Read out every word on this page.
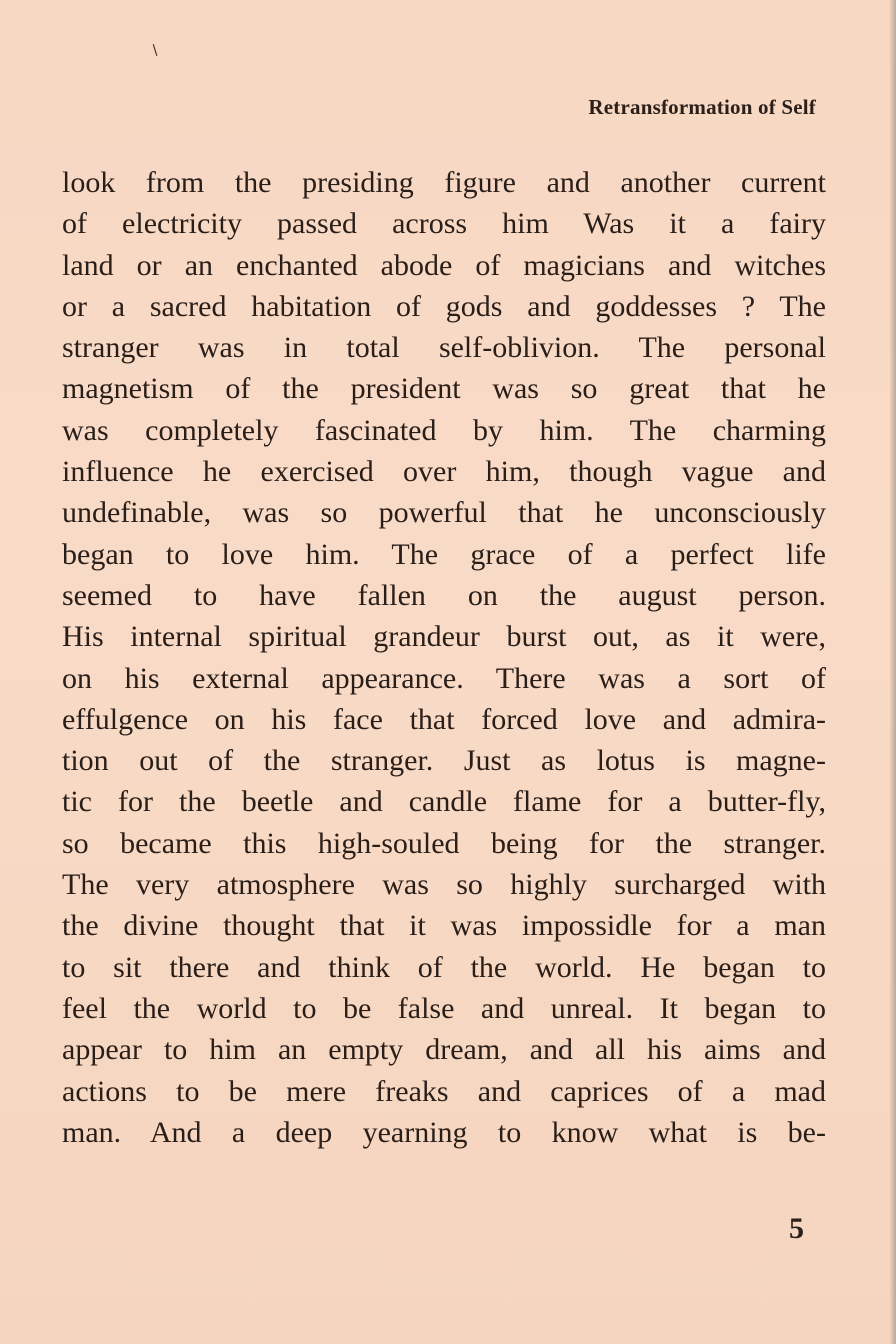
∖
Retransformation of Self
look from the presiding figure and another current
of electricity passed across him Was it a fairy
land or an enchanted abode of magicians and witches
or a sacred habitation of gods and goddesses ? The
stranger was in total self-oblivion. The personal
magnetism of the president was so great that he
was completely fascinated by him. The charming
influence he exercised over him, though vague and
undefinable, was so powerful that he unconsciously
began to love him. The grace of a perfect life
seemed to have fallen on the august person.
His internal spiritual grandeur burst out, as it were,
on his external appearance. There was a sort of
effulgence on his face that forced love and admira-
tion out of the stranger. Just as lotus is magne-
tic for the beetle and candle flame for a butter-fly,
so became this high-souled being for the stranger.
The very atmosphere was so highly surcharged with
the divine thought that it was impossidle for a man
to sit there and think of the world. He began to
feel the world to be false and unreal. It began to
appear to him an empty dream, and all his aims and
actions to be mere freaks and caprices of a mad
man. And a deep yearning to know what is be-
5
